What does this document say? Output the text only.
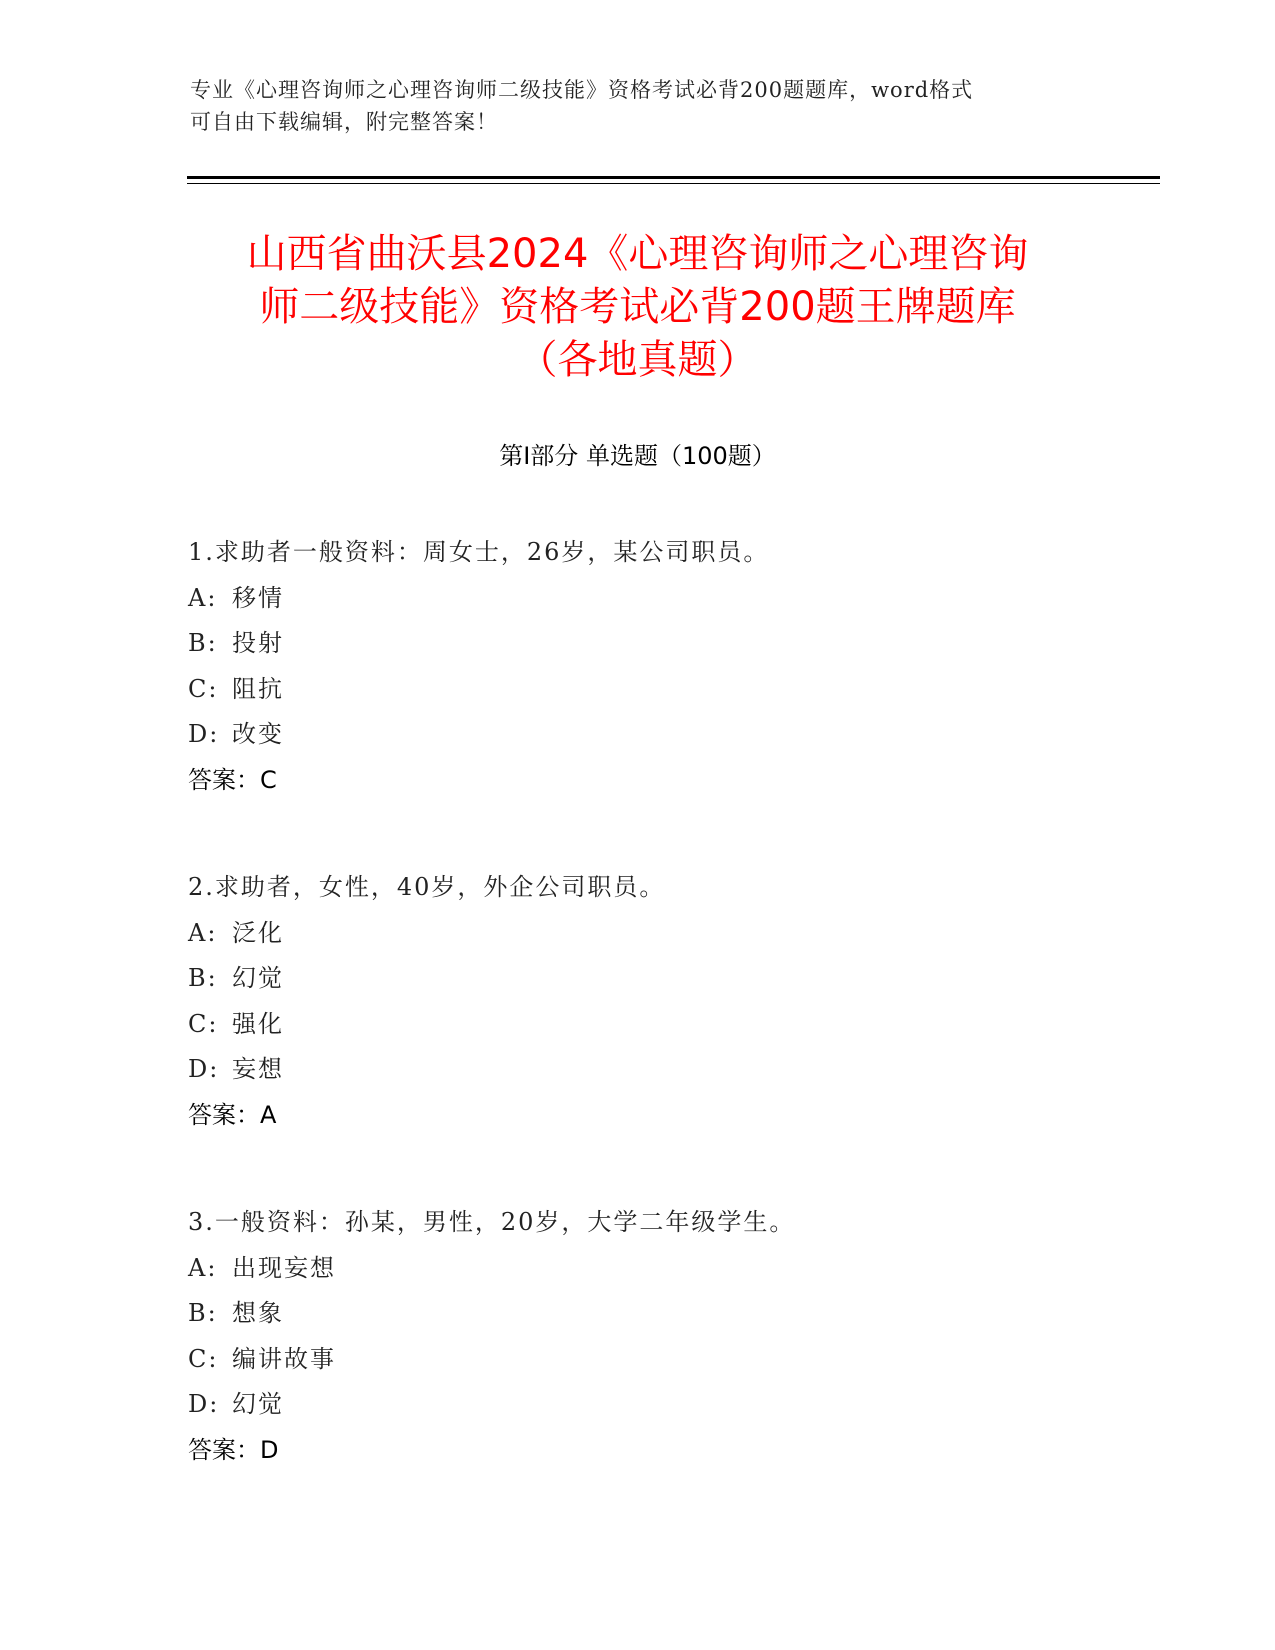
专业《心理咨询师之心理咨询师二级技能》资格考试必背200题题库，word格式
可自由下载编辑，附完整答案！
山西省曲沃县2024《心理咨询师之心理咨询
师二级技能》资格考试必背200题王牌题库
（各地真题）
第I部分 单选题（100题）
1.求助者一般资料：周女士，26岁，某公司职员。
A: 移情
B: 投射
C: 阻抗
D: 改变
答案：C
2.求助者，女性，40岁，外企公司职员。
A: 泛化
B: 幻觉
C: 强化
D: 妄想
答案：A
3.一般资料：孙某，男性，20岁，大学二年级学生。
A: 出现妄想
B: 想象
C: 编讲故事
D: 幻觉
答案：D
